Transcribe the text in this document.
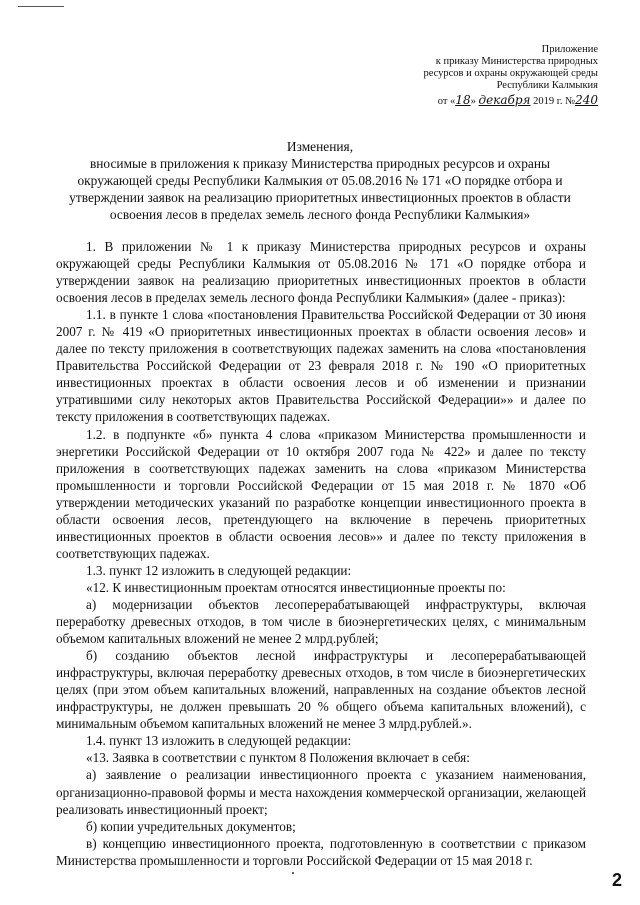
Приложение
к приказу Министерства природных
ресурсов и охраны окружающей среды
Республики Калмыкия
от «18» декабря 2019 г. №240
Изменения,
вносимые в приложения к приказу Министерства природных ресурсов и охраны окружающей среды Республики Калмыкия от 05.08.2016 № 171 «О порядке отбора и утверждении заявок на реализацию приоритетных инвестиционных проектов в области освоения лесов в пределах земель лесного фонда Республики Калмыкия»

1. В приложении № 1 к приказу Министерства природных ресурсов и охраны окружающей среды Республики Калмыкия от 05.08.2016 № 171 «О порядке отбора и утверждении заявок на реализацию приоритетных инвестиционных проектов в области освоения лесов в пределах земель лесного фонда Республики Калмыкия» (далее - приказ):

1.1. в пункте 1 слова «постановления Правительства Российской Федерации от 30 июня 2007 г. № 419 «О приоритетных инвестиционных проектах в области освоения лесов» и далее по тексту приложения в соответствующих падежах заменить на слова «постановления Правительства Российской Федерации от 23 февраля 2018 г. № 190 «О приоритетных инвестиционных проектах в области освоения лесов и об изменении и признании утратившими силу некоторых актов Правительства Российской Федерации»» и далее по тексту приложения в соответствующих падежах.

1.2. в подпункте «б» пункта 4 слова «приказом Министерства промышленности и энергетики Российской Федерации от 10 октября 2007 года № 422» и далее по тексту приложения в соответствующих падежах заменить на слова «приказом Министерства промышленности и торговли Российской Федерации от 15 мая 2018 г. № 1870 «Об утверждении методических указаний по разработке концепции инвестиционного проекта в области освоения лесов, претендующего на включение в перечень приоритетных инвестиционных проектов в области освоения лесов»» и далее по тексту приложения в соответствующих падежах.

1.3. пункт 12 изложить в следующей редакции:

«12. К инвестиционным проектам относятся инвестиционные проекты по:

а) модернизации объектов лесоперерабатывающей инфраструктуры, включая переработку древесных отходов, в том числе в биоэнергетических целях, с минимальным объемом капитальных вложений не менее 2 млрд.рублей;

б) созданию объектов лесной инфраструктуры и лесоперерабатывающей инфраструктуры, включая переработку древесных отходов, в том числе в биоэнергетических целях (при этом объем капитальных вложений, направленных на создание объектов лесной инфраструктуры, не должен превышать 20 % общего объема капитальных вложений), с минимальным объемом капитальных вложений не менее 3 млрд.рублей.».

1.4. пункт 13 изложить в следующей редакции:

«13. Заявка в соответствии с пунктом 8 Положения включает в себя:

а) заявление о реализации инвестиционного проекта с указанием наименования, организационно-правовой формы и места нахождения коммерческой организации, желающей реализовать инвестиционный проект;

б) копии учредительных документов;

в) концепцию инвестиционного проекта, подготовленную в соответствии с приказом Министерства промышленности и торговли Российской Федерации от 15 мая 2018 г.

2
